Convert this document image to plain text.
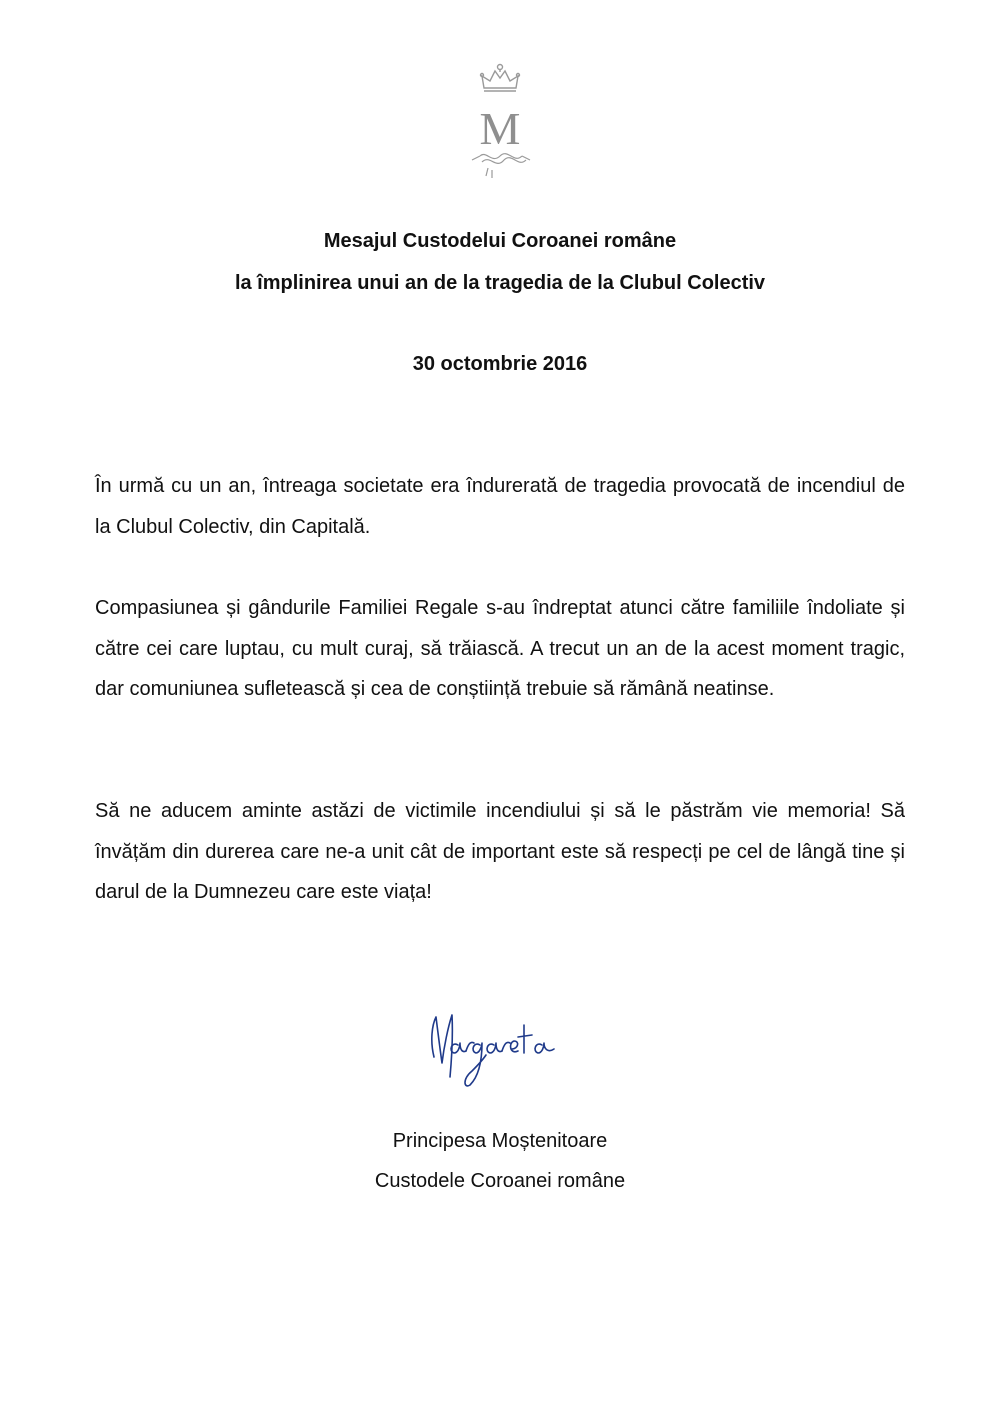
M
Mesajul Custodelui Coroanei române
la împlinirea unui an de la tragedia de la Clubul Colectiv
30 octombrie 2016

În urmă cu un an, întreaga societate era îndurerată de tragedia provocată de incendiul de la Clubul Colectiv, din Capitală.

Compasiunea și gândurile Familiei Regale s-au îndreptat atunci către familiile îndoliate și către cei care luptau, cu mult curaj, să trăiască. A trecut un an de la acest moment tragic, dar comuniunea sufletească și cea de conștiință trebuie să rămână neatinse.

Să ne aducem aminte astăzi de victimile incendiului și să le păstrăm vie memoria! Să învățăm din durerea care ne-a unit cât de important este să respecți pe cel de lângă tine și darul de la Dumnezeu care este viața!

Principesa Moștenitoare
Custodele Coroanei române
